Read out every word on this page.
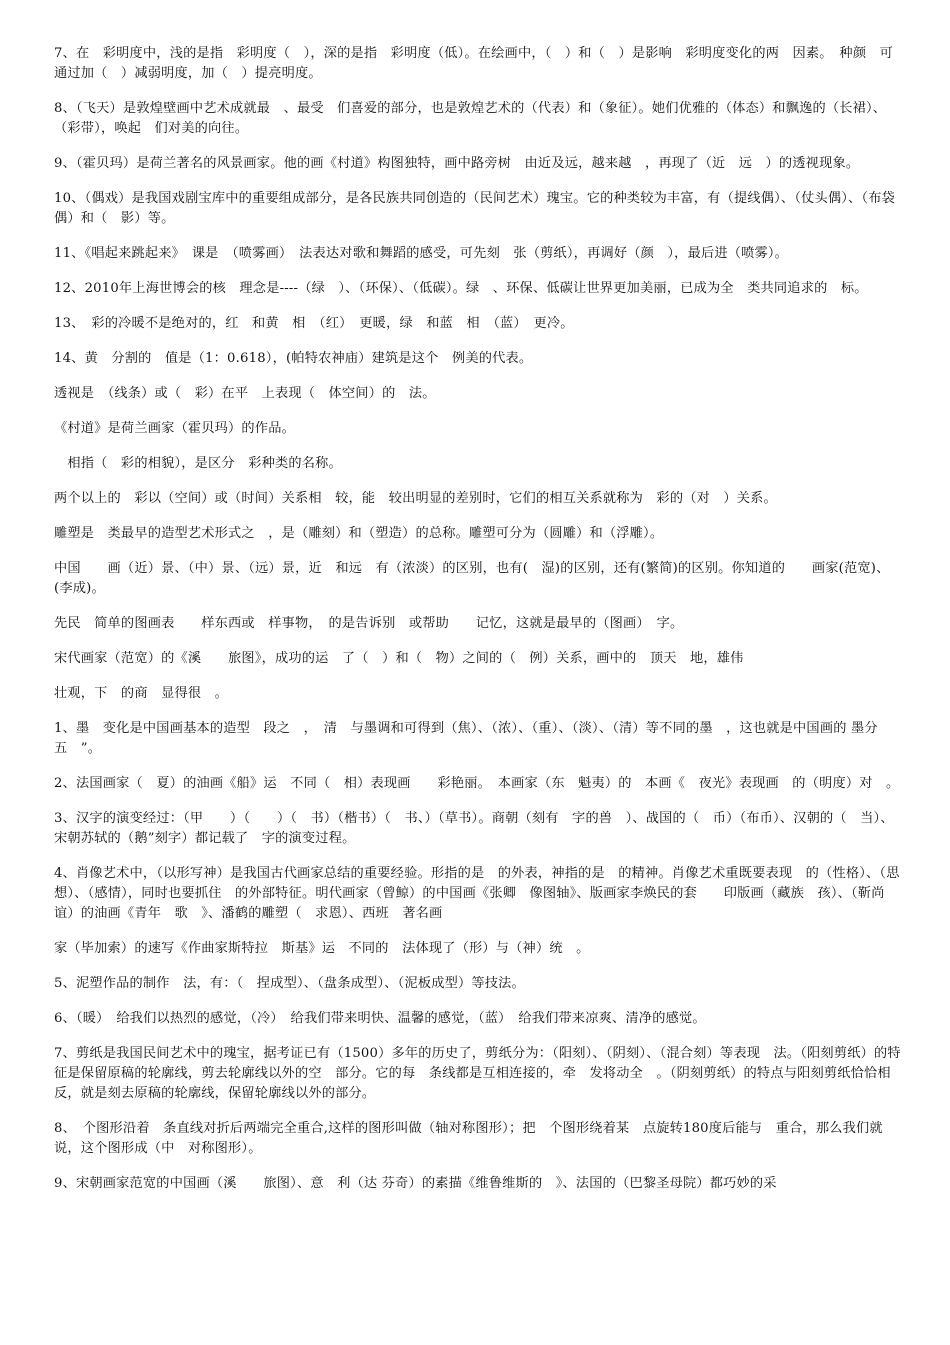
7、在　彩明度中，浅的是指　彩明度（　），深的是指　彩明度（低）。在绘画中，（　）和（　）是影响　彩明度变化的两　因素。　种颜　可通过加（　）减弱明度，加（　）提亮明度。

8、（飞天）是敦煌壁画中艺术成就最　、最受　们喜爱的部分，也是敦煌艺术的（代表）和（象征）。她们优雅的（体态）和飘逸的（长裙）、（彩带），唤起　们对美的向往。

9、（霍贝玛）是荷兰著名的风景画家。他的画《村道》构图独特，画中路旁树　由近及远，越来越　，再现了（近　远　）的透视现象。

10、（偶戏）是我国戏剧宝库中的重要组成部分，是各民族共同创造的（民间艺术）瑰宝。它的种类较为丰富，有（提线偶）、（仗头偶）、（布袋偶）和（　影）等。

11、《唱起来跳起来》　课是　（喷雾画）　法表达对歌和舞蹈的感受，可先刻　张（剪纸），再调好（颜　），最后进（喷雾）。

12、2010年上海世博会的核　理念是----（绿　）、（环保）、（低碳）。绿　、环保、低碳让世界更加美丽，已成为全　类共同追求的　标。

13、　彩的冷暖不是绝对的，红　和黄　相　（红）　更暖，绿　和蓝　相　（蓝）　更冷。

14、黄　分割的　值是（1：0.618），(帕特农神庙）建筑是这个　例美的代表。

透视是　（线条）或（　彩）在平　上表现（　体空间）的　法。

《村道》是荷兰画家（霍贝玛）的作品。

　相指（　彩的相貌），是区分　彩种类的名称。

两个以上的　彩以（空间）或（时间）关系相　较，能　较出明显的差别时，它们的相互关系就称为　彩的（对　）关系。

雕塑是　类最早的造型艺术形式之　，是（雕刻）和（塑造）的总称。雕塑可分为（圆雕）和（浮雕）。

中国　　画（近）景、（中）景、（远）景，近　和远　有（浓淡）的区别，也有(　湿)的区别，还有(繁简)的区别。你知道的　　画家(范宽)、(李成)。

先民　简单的图画表　　样东西或　样事物，　的是告诉别　或帮助　　记忆，这就是最早的（图画）　字。

宋代画家（范宽）的《溪　　旅图》，成功的运　了（　）和（　物）之间的（　例）关系，画中的　顶天　地，雄伟

壮观，下　的商　显得很　。

1、墨　变化是中国画基本的造型　段之　，　清　与墨调和可得到（焦）、（浓）、（重）、（淡）、（清）等不同的墨　，这也就是中国画的 墨分五　”。

2、法国画家（　夏）的油画《船》运　不同（　相）表现画　　彩艳丽。　本画家（东　魁夷）的　本画《　夜光》表现画　的（明度）对　。

3、汉字的演变经过：（甲　　）（　　）（　书）（楷书）（　书、）（草书）。商朝（刻有　字的兽　）、战国的（　币）（布币）、汉朝的（　当）、宋朝苏轼的（鹅”刻字）都记载了　字的演变过程。

4、肖像艺术中，（以形写神）是我国古代画家总结的重要经验。形指的是　的外表，神指的是　的精神。肖像艺术重既要表现　的（性格）、（思想）、（感情），同时也要抓住　的外部特征。明代画家（曾鲸）的中国画《张卿　像图轴》、版画家李焕民的套　　印版画（藏族　孩）、（靳尚谊）的油画《青年　歌　》、潘鹤的雕塑（　求恩）、西班　著名画

家（毕加索）的速写《作曲家斯特拉　斯基》运　不同的　法体现了（形）与（神）统　。

5、泥塑作品的制作　法，有：（　捏成型）、（盘条成型）、（泥板成型）等技法。

6、（暖）　给我们以热烈的感觉，（冷）　给我们带来明快、温馨的感觉，（蓝）　给我们带来凉爽、清净的感觉。

7、剪纸是我国民间艺术中的瑰宝，据考证已有（1500）多年的历史了，剪纸分为：（阳刻）、（阴刻）、（混合刻）等表现　法。（阳刻剪纸）的特征是保留原稿的轮廓线，剪去轮廓线以外的空　部分。它的每　条线都是互相连接的，牵　发将动全　。（阴刻剪纸）的特点与阳刻剪纸恰恰相反，就是刻去原稿的轮廓线，保留轮廓线以外的部分。

8、　个图形沿着　条直线对折后两端完全重合,这样的图形叫做（轴对称图形）；把　个图形绕着某　点旋转180度后能与　重合，那么我们就说，这个图形成（中　对称图形）。

9、宋朝画家范宽的中国画（溪　　旅图）、意　利（达 芬奇）的素描《维鲁维斯的　》、法国的（巴黎圣母院）都巧妙的采
